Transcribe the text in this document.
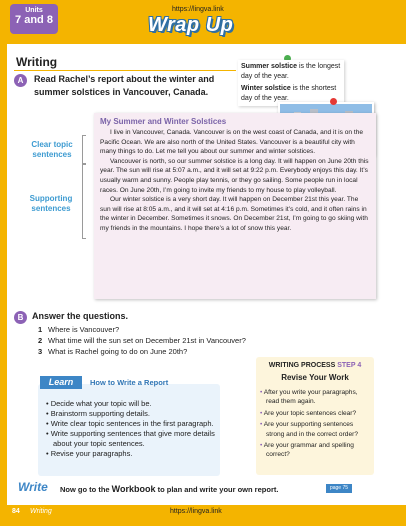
Units
7 and 8
https://lingva.link
Wrap Up
Writing
A	Read Rachel’s report about the winter and summer solstices in Vancouver, Canada.
Summer solstice is the longest day of the year.
Winter solstice is the shortest day of the year.
Clear topic sentences
Supporting sentences
My Summer and Winter Solstices

I live in Vancouver, Canada. Vancouver is on the west coast of Canada, and it is on the Pacific Ocean. We are also north of the United States. Vancouver is a beautiful city with many things to do. Let me tell you about our summer and winter solstices.

Vancouver is north, so our summer solstice is a long day. It will happen on June 20th this year. The sun will rise at 5:07 a.m., and it will set at 9:22 p.m. Everybody enjoys this day. It’s usually warm and sunny. People play tennis, or they go sailing. Some people run in local races. On June 20th, I’m going to invite my friends to my house to play volleyball.

Our winter solstice is a very short day. It will happen on December 21st this year. The sun will rise at 8:05 a.m., and it will set at 4:16 p.m. Sometimes it’s cold, and it often rains in the winter in December. Sometimes it snows. On December 21st, I’m going to go skiing with my friends in the mountains. I hope there’s a lot of snow this year.

B Answer the questions.
1 Where is Vancouver?
2 What time will the sun set on December 21st in Vancouver?
3 What is Rachel going to do on June 20th?
Learn	How to Write a Report
• Decide what your topic will be.
• Brainstorm supporting details.
• Write clear topic sentences in the first paragraph.
• Write supporting sentences that give more details about your topic sentences.
• Revise your paragraphs.
WRITING PROCESS STEP 4
Revise Your Work
• After you write your paragraphs, read them again.
• Are your topic sentences clear?
• Are your supporting sentences strong and in the correct order?
• Are your grammar and spelling correct?
Write Now go to the Workbook to plan and write your own report.	page 75
84 Writing	https://lingva.link
